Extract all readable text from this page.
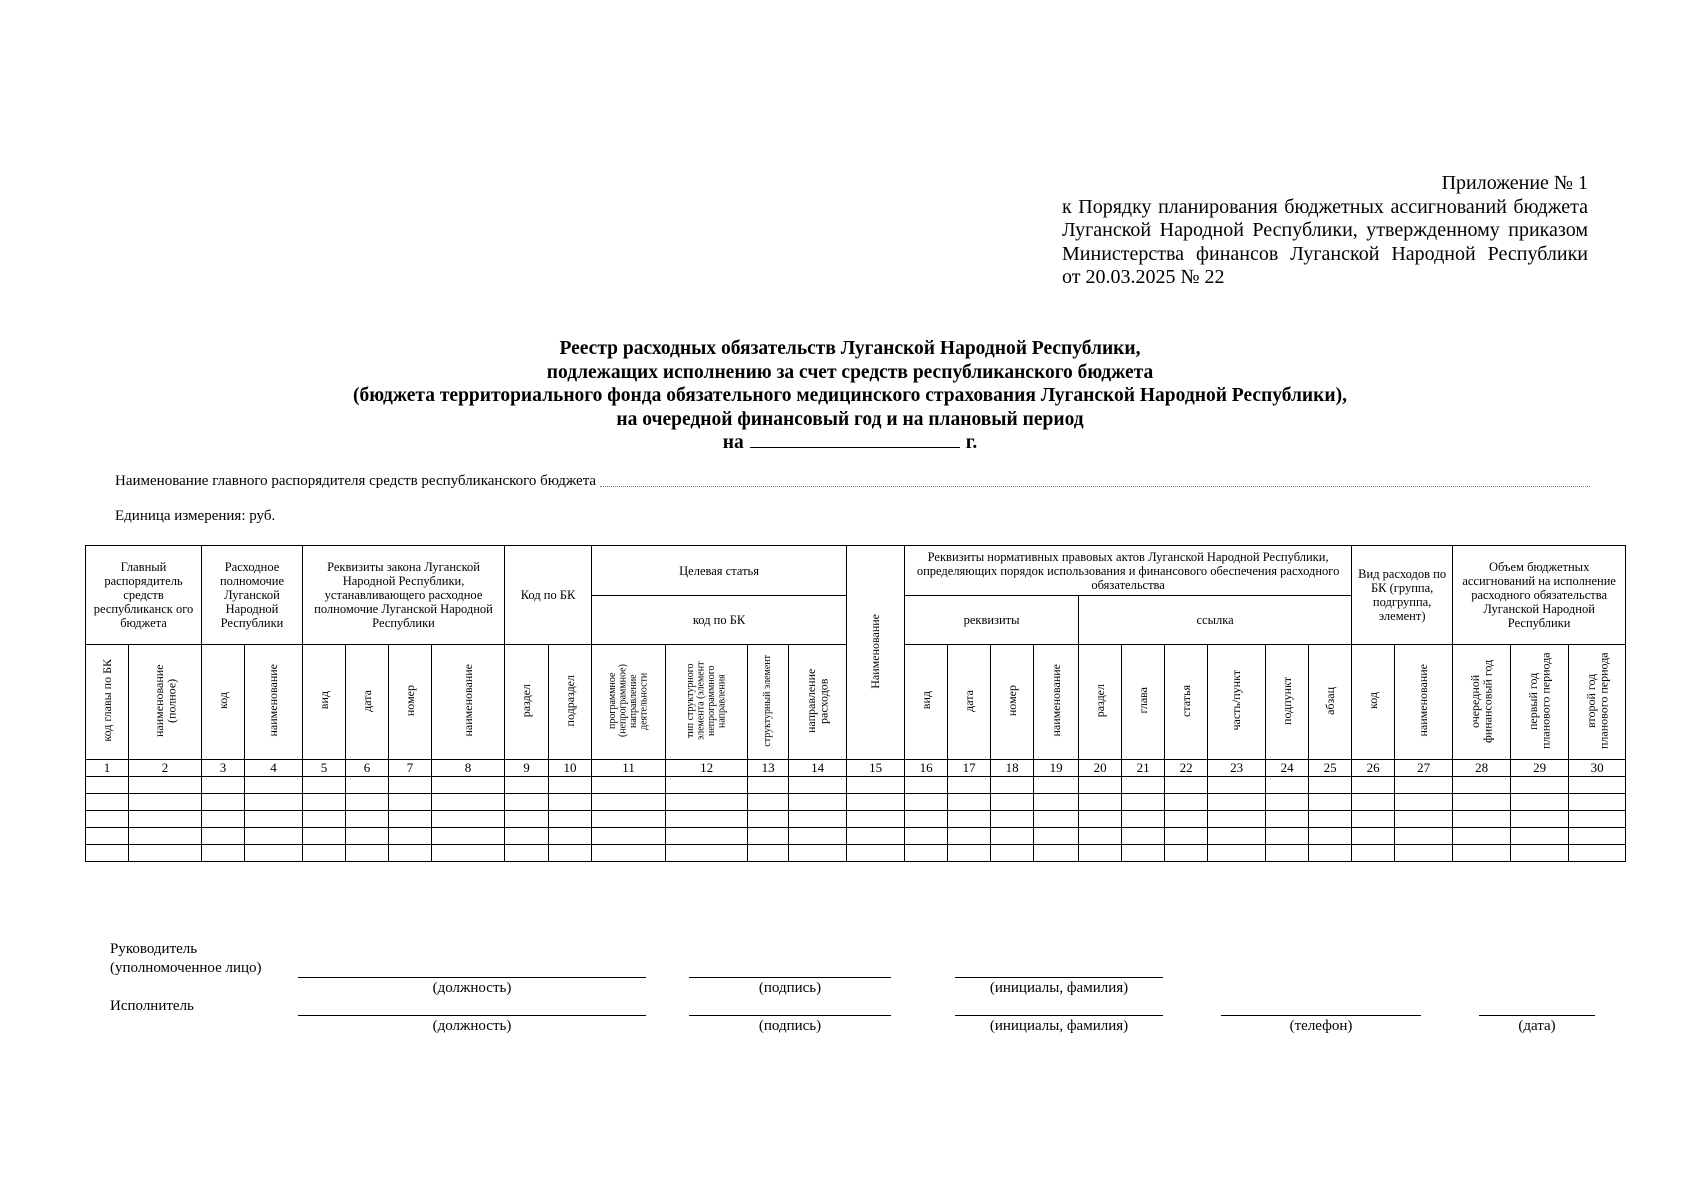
Приложение № 1
к Порядку планирования бюджетных ассигнований бюджета
Луганской Народной Республики, утвержденному приказом
Министерства финансов Луганской Народной Республики
от 20.03.2025 № 22
Реестр расходных обязательств Луганской Народной Республики,
подлежащих исполнению за счет средств республиканского бюджета
(бюджета территориального фонда обязательного медицинского страхования Луганской Народной Республики),
на очередной финансовый год и на плановый период
на	г.
Наименование главного распорядителя средств республиканского бюджета
Единица измерения: руб.
Главный распорядитель средств республиканск ого бюджета		Расходное полномочие Луганской Народной Республики		Реквизиты закона Луганской Народной Республики, устанавливающего расходное полномочие Луганской Народной Республики				Код по БК		Целевая статья				Наименование	Реквизиты нормативных правовых актов Луганской Народной Республики, определяющих порядок использования и финансового обеспечения расходного обязательства										Вид расходов по БК (группа, подгруппа, элемент)		Объем бюджетных ассигнований на исполнение расходного обязательства Луганской Народной Республики		
										код по БК					реквизиты				ссылка										
код главы по БК	наименование (полное)	код	наименование	вид	дата	номер	наименование	раздел	подраздел	программное (непрограммное) направление деятельности	тип структурного элемента (элемент непрограммного направления	структурный элемент	направление расходов		вид	дата	номер	наименование	раздел	глава	статья	часть/пункт	подпункт	абзац	код	наименование	очередной финансовый год	первый год планового периода	второй год планового периода
1	2	3	4	5	6	7	8	9	10	11	12	13	14	15	16	17	18	19	20	21	22	23	24	25	26	27	28	29	30

Руководитель
(уполномоченное лицо)
(должность)	(подпись)	(инициалы, фамилия)
Исполнитель
(должность)	(подпись)	(инициалы, фамилия)	(телефон)	(дата)
